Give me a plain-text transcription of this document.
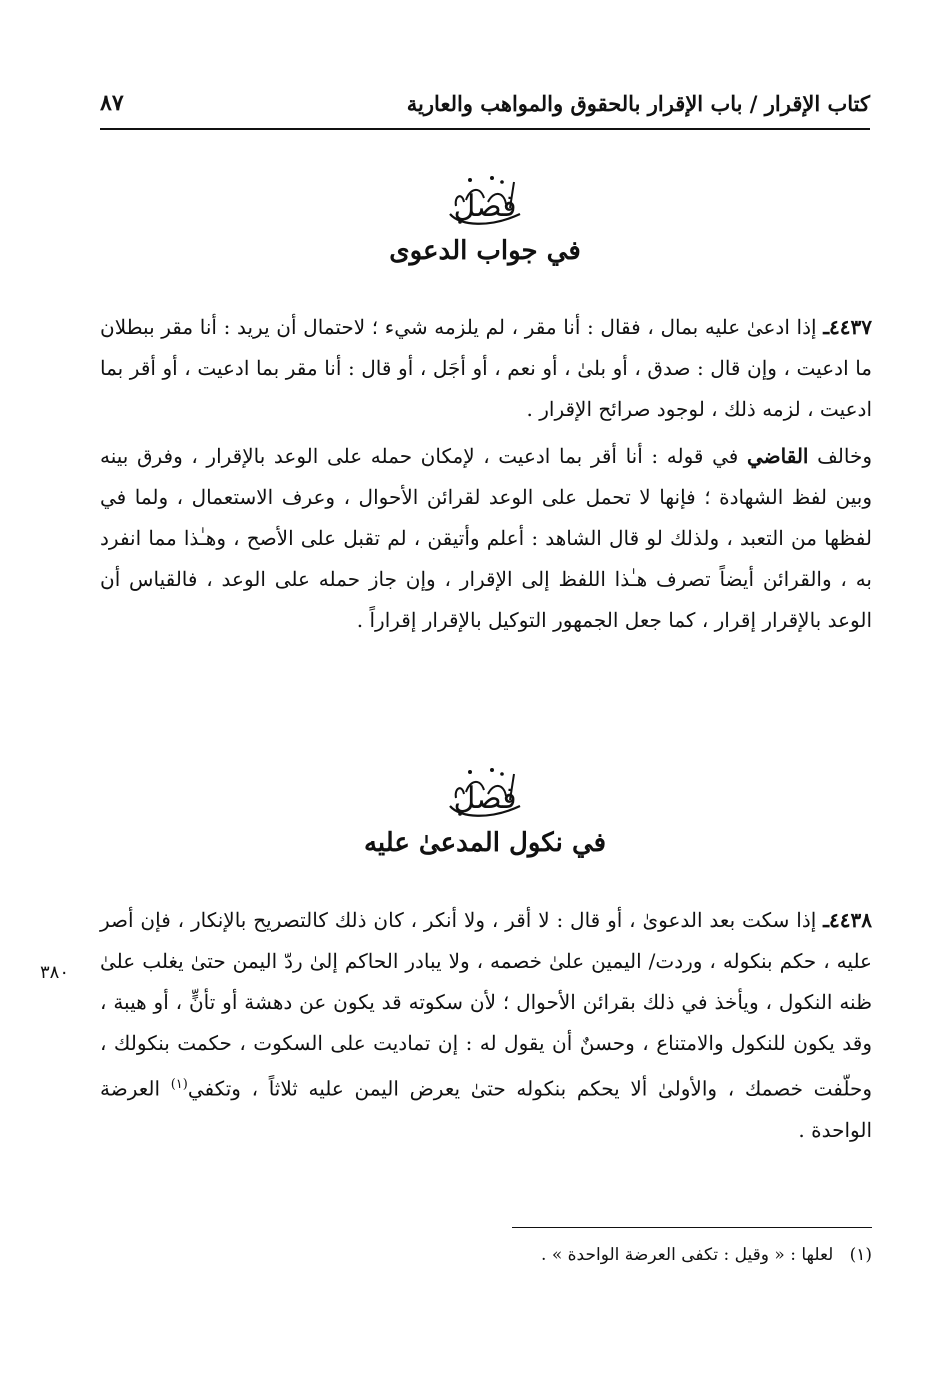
كتاب الإقرار / باب الإقرار بالحقوق والمواهب والعارية
٨٧
فصل
في جواب الدعوى

٤٤٣٧ـ إذا ادعىٰ عليه بمال ، فقال : أنا مقر ، لم يلزمه شيء ؛ لاحتمال أن يريد : أنا مقر ببطلان ما ادعيت ، وإن قال : صدق ، أو بلىٰ ، أو نعم ، أو أجَل ، أو قال : أنا مقر بما ادعيت ، أو أقر بما ادعيت ، لزمه ذلك ، لوجود صرائح الإقرار .

وخالف القاضي في قوله : أنا أقر بما ادعيت ، لإمكان حمله على الوعد بالإقرار ، وفرق بينه وبين لفظ الشهادة ؛ فإنها لا تحمل على الوعد لقرائن الأحوال ، وعرف الاستعمال ، ولما في لفظها من التعبد ، ولذلك لو قال الشاهد : أعلم وأتيقن ، لم تقبل على الأصح ، وهـٰذا مما انفرد به ، والقرائن أيضاً تصرف هـٰذا اللفظ إلى الإقرار ، وإن جاز حمله على الوعد ، فالقياس أن الوعد بالإقرار إقرار ، كما جعل الجمهور التوكيل بالإقرار إقراراً .

فصل
في نكول المدعىٰ عليه

٤٤٣٨ـ إذا سكت بعد الدعوىٰ ، أو قال : لا أقر ، ولا أنكر ، كان ذلك كالتصريح بالإنكار ، فإن أصر عليه ، حكم بنكوله ، وردت/ اليمين علىٰ خصمه ، ولا يبادر الحاكم إلىٰ ردّ اليمن حتىٰ يغلب علىٰ ظنه النكول ، ويأخذ في ذلك بقرائن الأحوال ؛ لأن سكوته قد يكون عن دهشة أو تأنٍّ ، أو هيبة ، وقد يكون للنكول والامتناع ، وحسنٌ أن يقول له : إن تماديت على السكوت ، حكمت بنكولك ، وحلّفت خصمك ، والأولىٰ ألا يحكم بنكوله حتىٰ يعرض اليمن عليه ثلاثاً ، وتكفي$^{(١)}$ العرضة الواحدة .

٣٨٠
(١)   لعلها : « وقيل : تكفى العرضة الواحدة » .
